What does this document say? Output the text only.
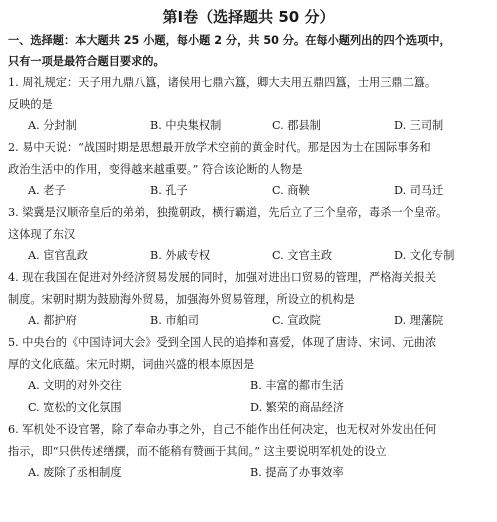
第Ⅰ卷（选择题共 50 分）
一、选择题：本大题共 25 小题，每小题 2 分，共 50 分。在每小题列出的四个选项中，
只有一项是最符合题目要求的。
1. 周礼规定：天子用九鼎八簋，诸侯用七鼎六簋，卿大夫用五鼎四簋，士用三鼎二簋。
反映的是
A. 分封制	B. 中央集权制	C. 郡县制	D. 三司制
2. 易中天说：“战国时期是思想最开放学术空前的黄金时代。那是因为士在国际事务和
政治生活中的作用，变得越来越重要。” 符合该论断的人物是
A. 老子	B. 孔子	C. 商鞅	D. 司马迁
3. 梁冀是汉顺帝皇后的弟弟，独揽朝政，横行霸道，先后立了三个皇帝，毒杀一个皇帝。
这体现了东汉
A. 宦官乱政	B. 外戚专权	C. 文官主政	D. 文化专制
4. 现在我国在促进对外经济贸易发展的同时，加强对进出口贸易的管理，严格海关报关
制度。宋朝时期为鼓励海外贸易，加强海外贸易管理，所设立的机构是
A. 都护府	B. 市舶司	C. 宣政院	D. 理藩院
5. 中央台的《中国诗词大会》受到全国人民的追捧和喜爱，体现了唐诗、宋词、元曲浓
厚的文化底蕴。宋元时期，词曲兴盛的根本原因是
A. 文明的对外交往	B. 丰富的都市生活
C. 宽松的文化氛围	D. 繁荣的商品经济
6. 军机处不设官署，除了奉命办事之外，自己不能作出任何决定，也无权对外发出任何
指示，即“只供传述缮撰，而不能稍有赞画于其间。” 这主要说明军机处的设立
A. 废除了丞相制度	B. 提高了办事效率
